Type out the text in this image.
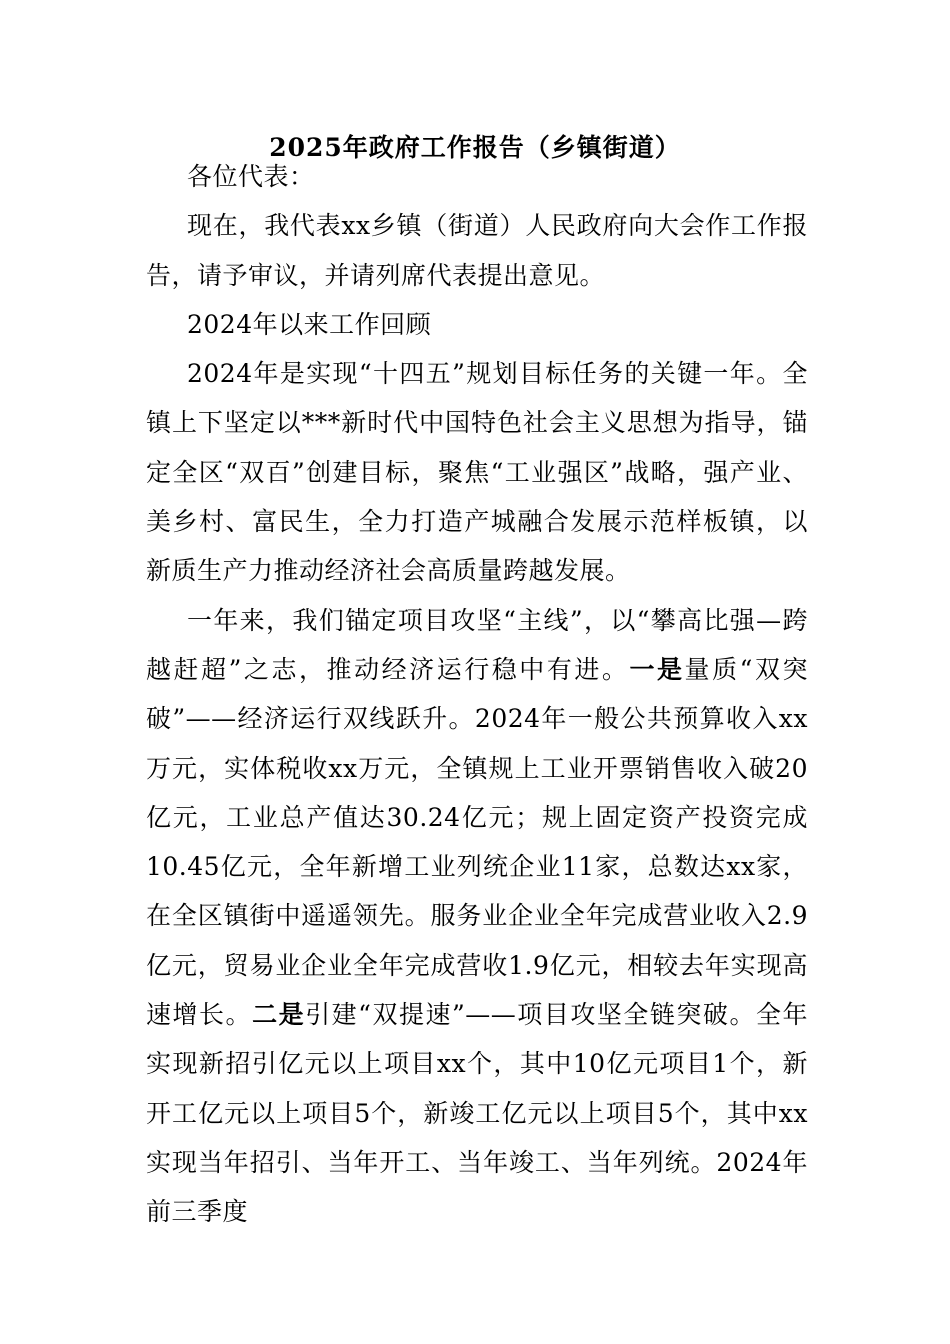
2025年政府工作报告（乡镇街道）

各位代表：

现在，我代表xx乡镇（街道）人民政府向大会作工作报告，请予审议，并请列席代表提出意见。

2024年以来工作回顾

2024年是实现“十四五”规划目标任务的关键一年。全镇上下坚定以***新时代中国特色社会主义思想为指导，锚定全区“双百”创建目标，聚焦“工业强区”战略，强产业、美乡村、富民生，全力打造产城融合发展示范样板镇，以新质生产力推动经济社会高质量跨越发展。

一年来，我们锚定项目攻坚“主线”，以“攀高比强—跨越赶超”之志，推动经济运行稳中有进。一是量质“双突破”——经济运行双线跃升。2024年一般公共预算收入xx万元，实体税收xx万元，全镇规上工业开票销售收入破20亿元，工业总产值达30.24亿元；规上固定资产投资完成10.45亿元，全年新增工业列统企业11家，总数达xx家，在全区镇街中遥遥领先。服务业企业全年完成营业收入2.9亿元，贸易业企业全年完成营收1.9亿元，相较去年实现高速增长。二是引建“双提速”——项目攻坚全链突破。全年实现新招引亿元以上项目xx个，其中10亿元项目1个，新开工亿元以上项目5个，新竣工亿元以上项目5个，其中xx实现当年招引、当年开工、当年竣工、当年列统。2024年前三季度
